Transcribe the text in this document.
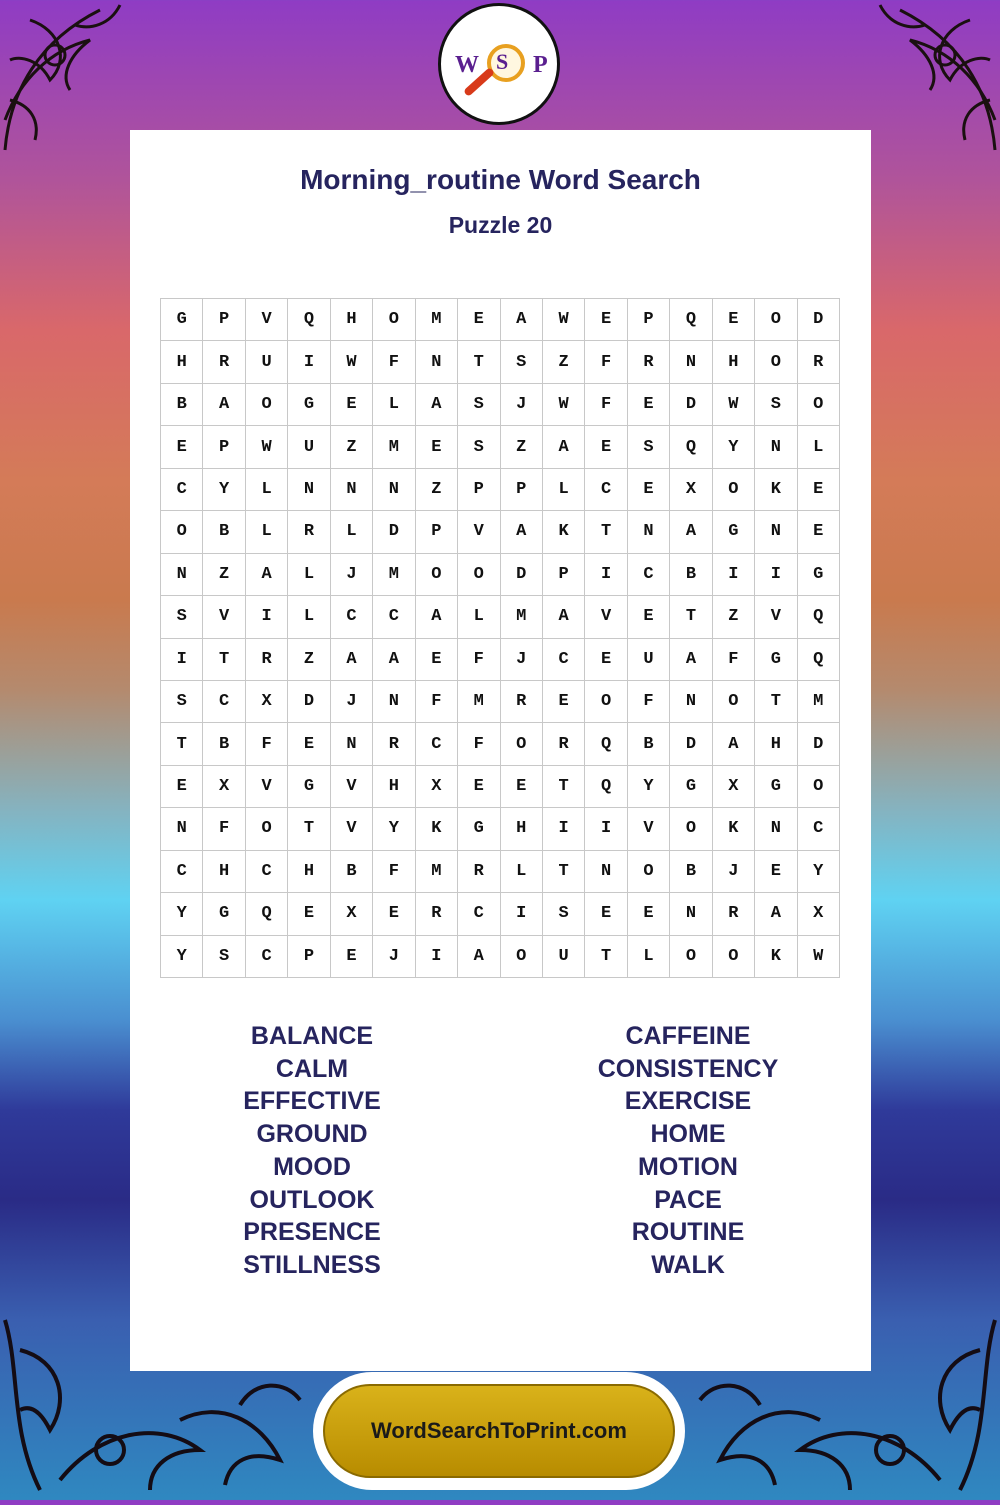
W S P
Morning_routine Word Search
Puzzle 20
G	P	V	Q	H	O	M	E	A	W	E	P	Q	E	O	D
H	R	U	I	W	F	N	T	S	Z	F	R	N	H	O	R
B	A	O	G	E	L	A	S	J	W	F	E	D	W	S	O
E	P	W	U	Z	M	E	S	Z	A	E	S	Q	Y	N	L
C	Y	L	N	N	N	Z	P	P	L	C	E	X	O	K	E
O	B	L	R	L	D	P	V	A	K	T	N	A	G	N	E
N	Z	A	L	J	M	O	O	D	P	I	C	B	I	I	G
S	V	I	L	C	C	A	L	M	A	V	E	T	Z	V	Q
I	T	R	Z	A	A	E	F	J	C	E	U	A	F	G	Q
S	C	X	D	J	N	F	M	R	E	O	F	N	O	T	M
T	B	F	E	N	R	C	F	O	R	Q	B	D	A	H	D
E	X	V	G	V	H	X	E	E	T	Q	Y	G	X	G	O
N	F	O	T	V	Y	K	G	H	I	I	V	O	K	N	C
C	H	C	H	B	F	M	R	L	T	N	O	B	J	E	Y
Y	G	Q	E	X	E	R	C	I	S	E	E	N	R	A	X
Y	S	C	P	E	J	I	A	O	U	T	L	O	O	K	W
BALANCE
CALM
EFFECTIVE
GROUND
MOOD
OUTLOOK
PRESENCE
STILLNESS
CAFFEINE
CONSISTENCY
EXERCISE
HOME
MOTION
PACE
ROUTINE
WALK
WordSearchToPrint.com
